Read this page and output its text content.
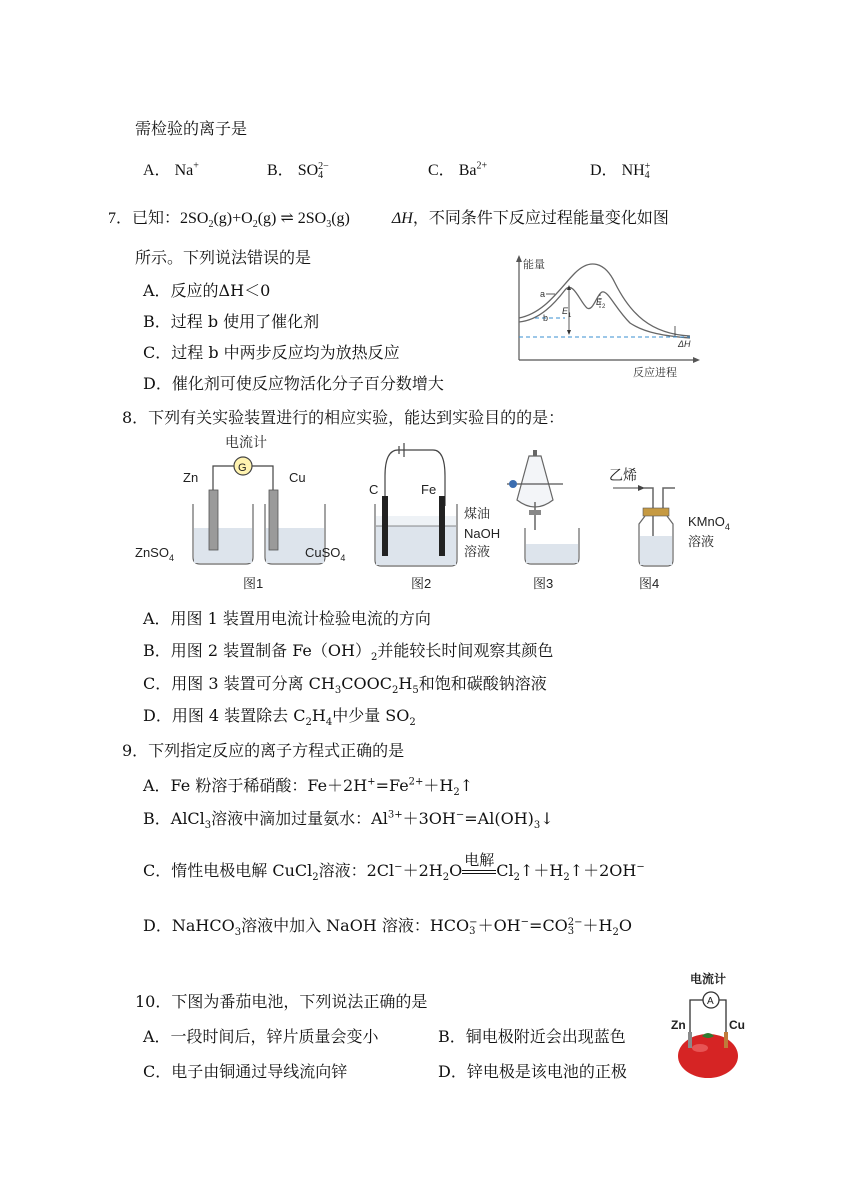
需检验的离子是
A． Na+	B． SO 2−
4	C． $Ba^{2+}$	D． NH +
4
7．已知：$2SO_2(g)+O_2(g)$ ⇌ $2SO_3(g)$	ΔH，不同条件下反应过程能量变化如图
所示。下列说法错误的是
A．反应的ΔH＜0
B．过程 b 使用了催化剂
C．过程 b 中两步反应均为放热反应
D．催化剂可使反应物活化分子百分数增大
能量
反应进程
a
b
E 1
E 2
ΔH
8．下列有关实验装置进行的相应实验，能达到实验目的的是：
电流计
G
Zn	Cu
ZnSO$_4$	CuSO$_4$
图1
C	Fe
煤油
NaOH
溶液
图2	图3
乙烯
KMnO$_4$
溶液
图4
A．用图 1 装置用电流计检验电流的方向
B．用图 2 装置制备 $Fe(OH)_2$并能较长时间观察其颜色
C．用图 3 装置可分离 $CH_3COOC_2H_5$和饱和碳酸钠溶液
D．用图 4 装置除去 $C_2H_4$中少量 $SO_2$
9．下列指定反应的离子方程式正确的是
A．Fe 粉溶于稀硝酸：$Fe+2H^+=Fe^{2+}+H_2↑$
B．AlCl$_3$溶液中滴加过量氨水：$Al^{3+}+3OH^-=Al(OH)_3↓$
C．惰性电极电解 CuCl$_2$溶液：$2Cl^-+2H_2O$
电解
$Cl_2↑+H_2↑+2OH^-$
D．NaHCO$_3$溶液中加入 NaOH 溶液：HCO −
3 ＋OH−=CO 2−
$3 +H_2O$
10．下图为番茄电池，下列说法正确的是
A．一段时间后，锌片质量会变小	B．铜电极附近会出现蓝色
C．电子由铜通过导线流向锌	D．锌电极是该电池的正极
电流计
A
Zn	Cu
